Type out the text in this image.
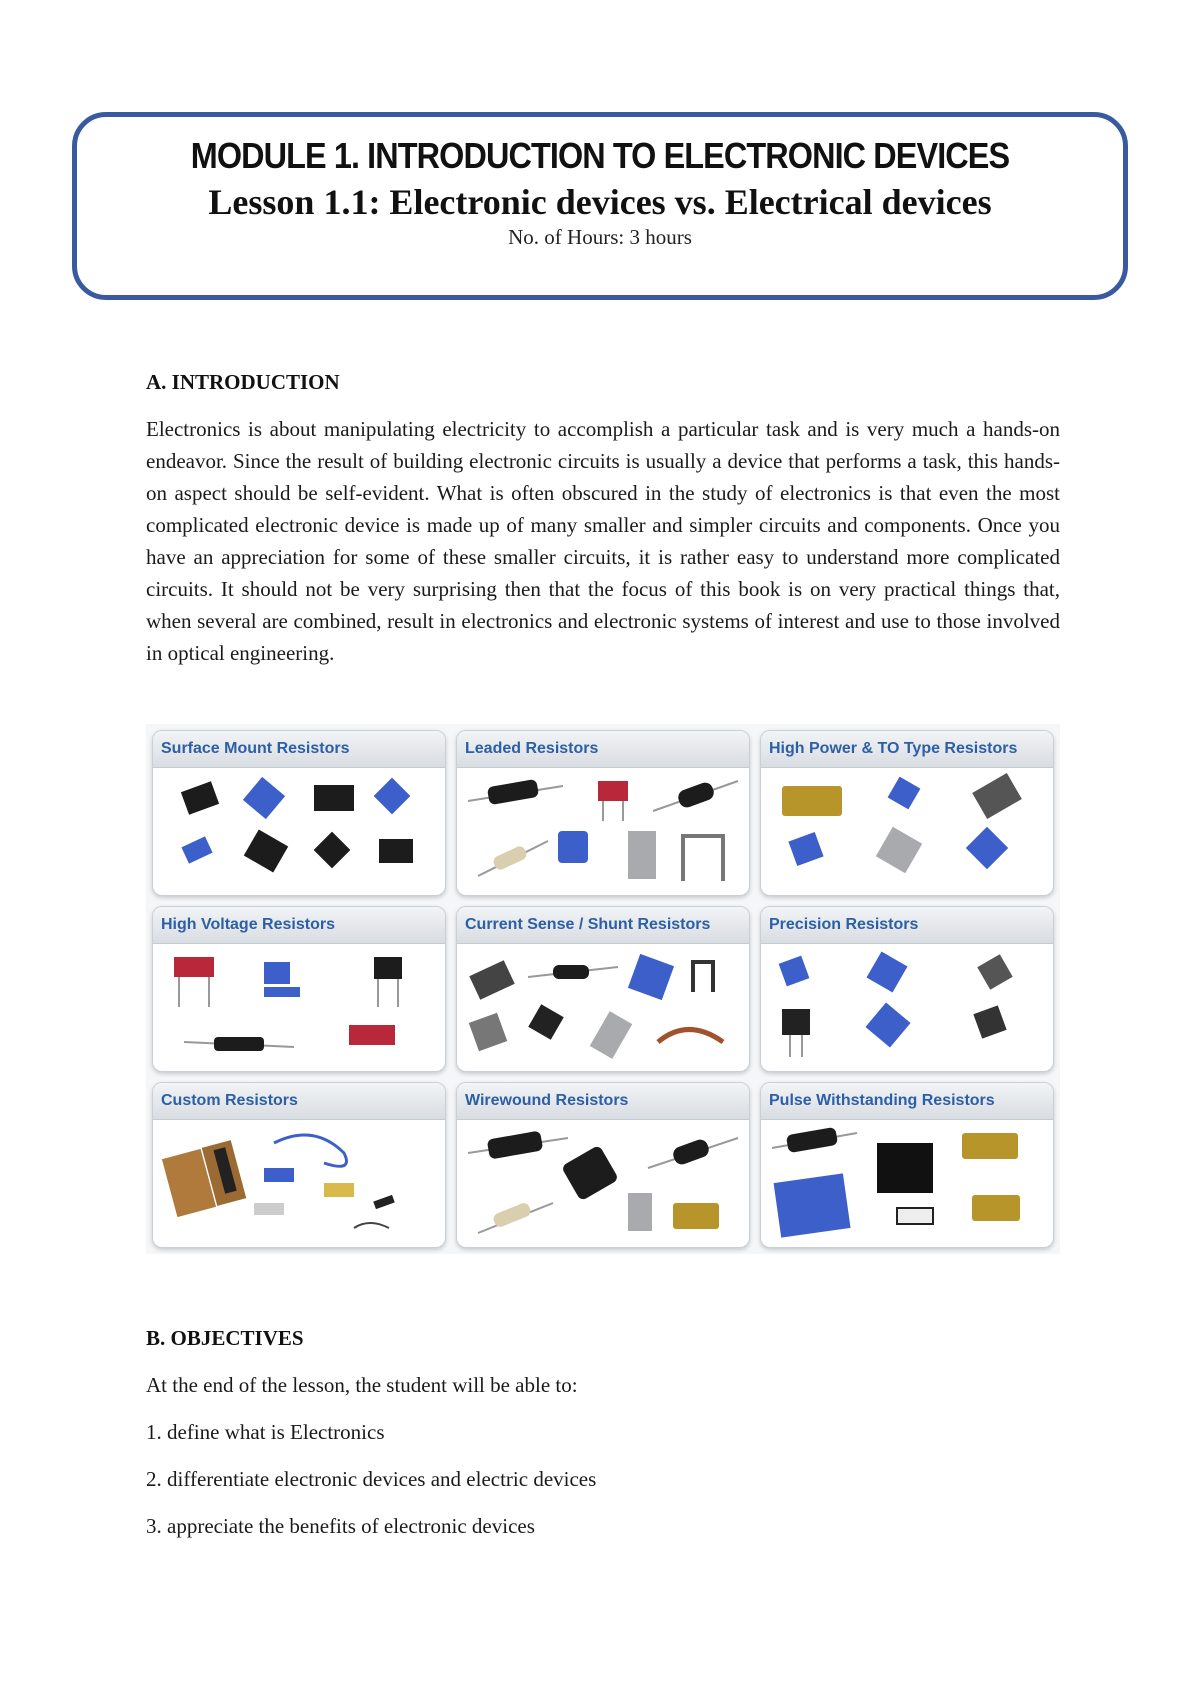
MODULE 1. INTRODUCTION TO ELECTRONIC DEVICES
Lesson 1.1: Electronic devices vs. Electrical devices
No. of Hours: 3 hours
A. INTRODUCTION
Electronics is about manipulating electricity to accomplish a particular task and is very much a hands-on endeavor. Since the result of building electronic circuits is usually a device that performs a task, this hands-on aspect should be self-evident. What is often obscured in the study of electronics is that even the most complicated electronic device is made up of many smaller and simpler circuits and components. Once you have an appreciation for some of these smaller circuits, it is rather easy to understand more complicated circuits. It should not be very surprising then that the focus of this book is on very practical things that, when several are combined, result in electronics and electronic systems of interest and use to those involved in optical engineering.
Surface Mount Resistors	Leaded Resistors	High Power & TO Type Resistors
High Voltage Resistors	Current Sense / Shunt Resistors	Precision Resistors
Custom Resistors	Wirewound Resistors	Pulse Withstanding Resistors
B. OBJECTIVES
At the end of the lesson, the student will be able to:
1. define what is Electronics
2. differentiate electronic devices and electric devices
3. appreciate the benefits of electronic devices
